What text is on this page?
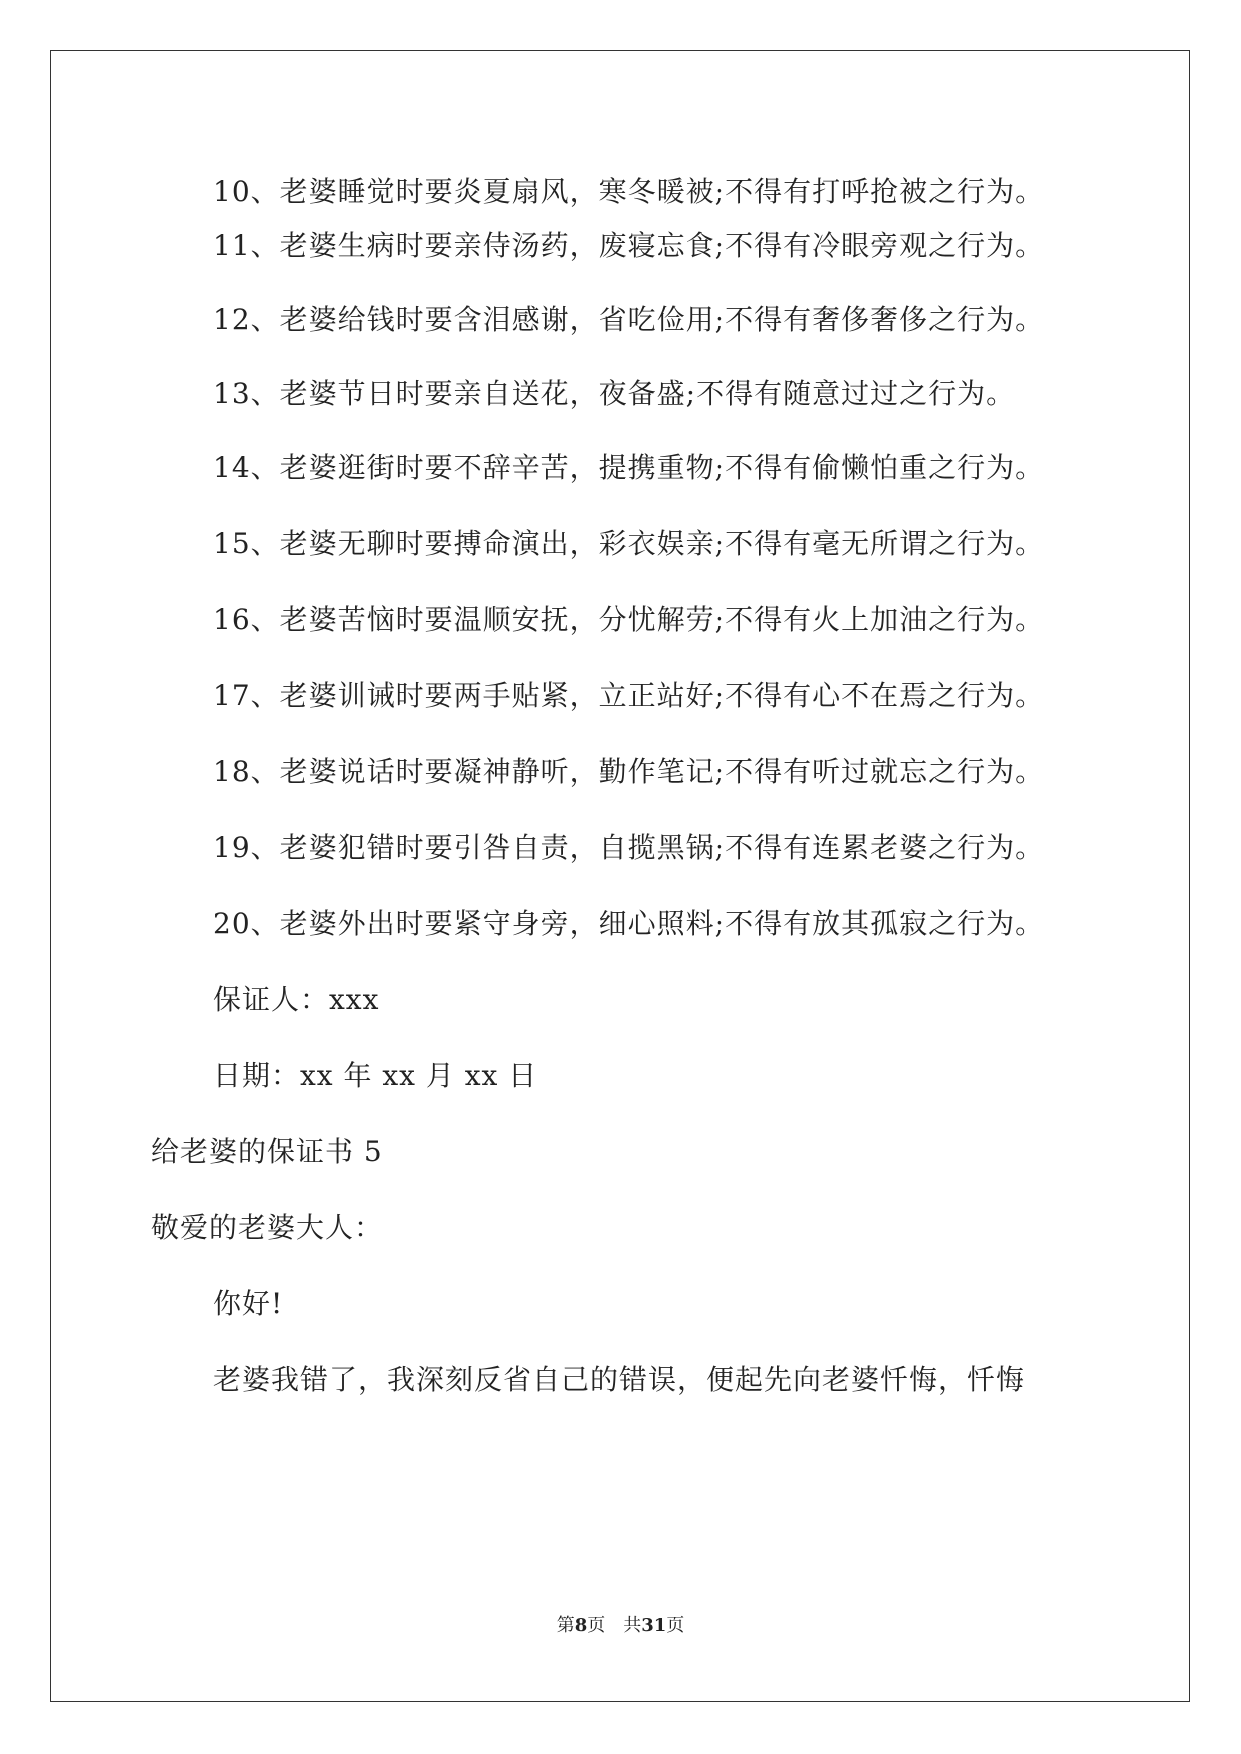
10、老婆睡觉时要炎夏扇风，寒冬暖被;不得有打呼抢被之行为。
11、老婆生病时要亲侍汤药，废寝忘食;不得有冷眼旁观之行为。
12、老婆给钱时要含泪感谢，省吃俭用;不得有奢侈奢侈之行为。
13、老婆节日时要亲自送花，夜备盛;不得有随意过过之行为。
14、老婆逛街时要不辞辛苦，提携重物;不得有偷懒怕重之行为。
15、老婆无聊时要搏命演出，彩衣娱亲;不得有毫无所谓之行为。
16、老婆苦恼时要温顺安抚，分忧解劳;不得有火上加油之行为。
17、老婆训诫时要两手贴紧，立正站好;不得有心不在焉之行为。
18、老婆说话时要凝神静听，勤作笔记;不得有听过就忘之行为。
19、老婆犯错时要引咎自责，自揽黑锅;不得有连累老婆之行为。
20、老婆外出时要紧守身旁，细心照料;不得有放其孤寂之行为。
保证人：xxx
日期：xx 年 xx 月 xx 日
给老婆的保证书 5
敬爱的老婆大人：
你好!
老婆我错了，我深刻反省自己的错误，便起先向老婆忏悔，忏悔
第8页　共31页
